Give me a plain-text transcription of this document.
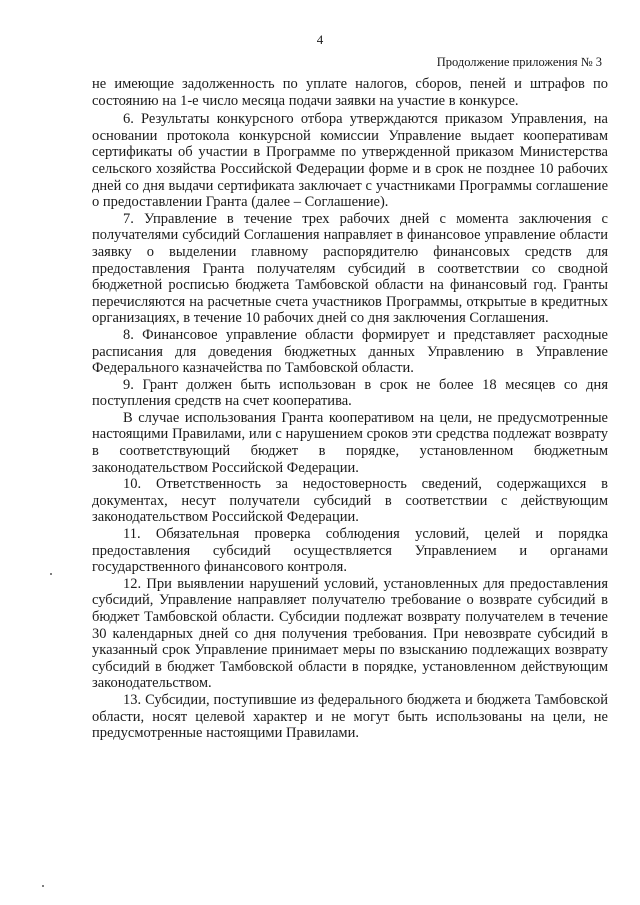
4
Продолжение приложения № 3

не имеющие задолженность по уплате налогов, сборов, пеней и штрафов по состоянию на 1-е число месяца подачи заявки на участие в конкурсе.

6. Результаты конкурсного отбора утверждаются приказом Управления, на основании протокола конкурсной комиссии Управление выдает кооперативам сертификаты об участии в Программе по утвержденной приказом Министерства сельского хозяйства Российской Федерации форме и в срок не позднее 10 рабочих дней со дня выдачи сертификата заключает с участниками Программы соглашение о предоставлении Гранта (далее – Соглашение).

7. Управление в течение трех рабочих дней с момента заключения с получателями субсидий Соглашения направляет в финансовое управление области заявку о выделении главному распорядителю финансовых средств для предоставления Гранта получателям субсидий в соответствии со сводной бюджетной росписью бюджета Тамбовской области на финансовый год. Гранты перечисляются на расчетные счета участников Программы, открытые в кредитных организациях, в течение 10 рабочих дней со дня заключения Соглашения.

8. Финансовое управление области формирует и представляет расходные расписания для доведения бюджетных данных Управлению в Управление Федерального казначейства по Тамбовской области.

9. Грант должен быть использован в срок не более 18 месяцев со дня поступления средств на счет кооператива.

В случае использования Гранта кооперативом на цели, не предусмотренные настоящими Правилами, или с нарушением сроков эти средства подлежат возврату в соответствующий бюджет в порядке, установленном бюджетным законодательством Российской Федерации.

10. Ответственность за недостоверность сведений, содержащихся в документах, несут получатели субсидий в соответствии с действующим законодательством Российской Федерации.

11. Обязательная проверка соблюдения условий, целей и порядка предоставления субсидий осуществляется Управлением и органами государственного финансового контроля.

12. При выявлении нарушений условий, установленных для предоставления субсидий, Управление направляет получателю требование о возврате субсидий в бюджет Тамбовской области. Субсидии подлежат возврату получателем в течение 30 календарных дней со дня получения требования. При невозврате субсидий в указанный срок Управление принимает меры по взысканию подлежащих возврату субсидий в бюджет Тамбовской области в порядке, установленном действующим законодательством.

13. Субсидии, поступившие из федерального бюджета и бюджета Тамбовской области, носят целевой характер и не могут быть использованы на цели, не предусмотренные настоящими Правилами.
